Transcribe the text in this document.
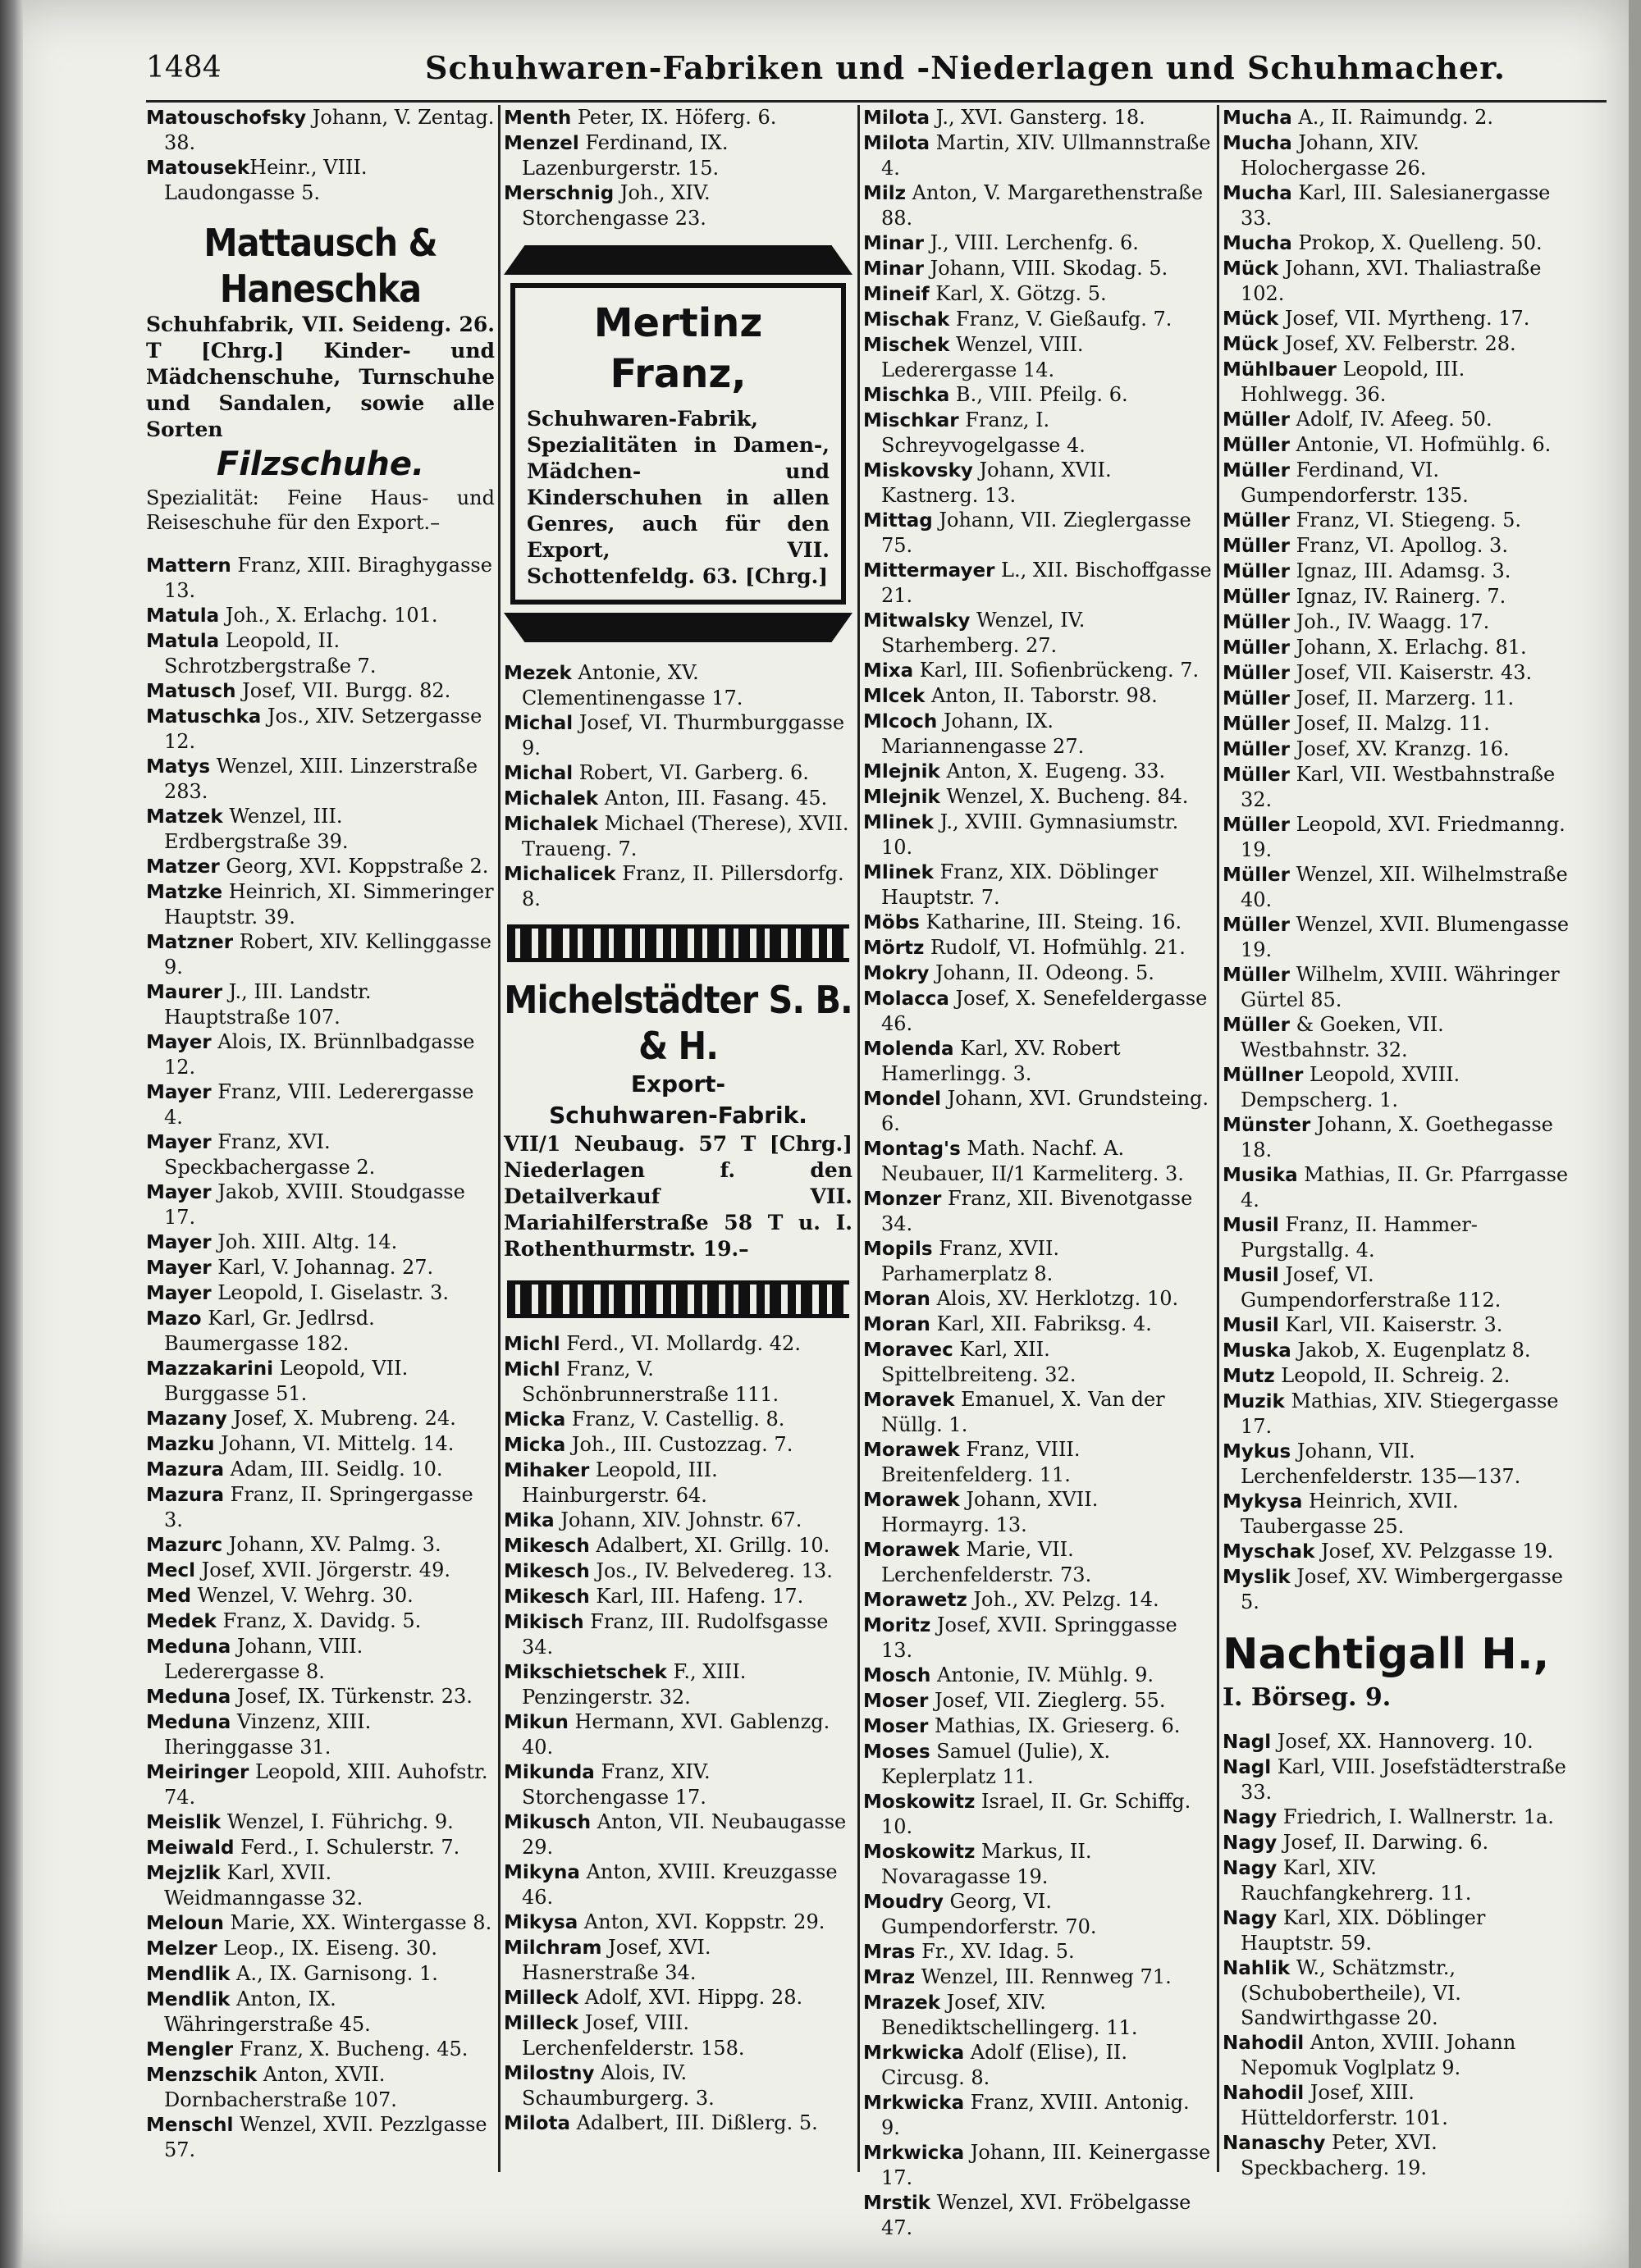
1484	Schuhwaren-Fabriken und -Niederlagen und Schuhmacher.

Matouschofsky Johann, V. Zentag. 38.

MatousekHeinr., VIII. Laudongasse 5.

Mattausch & Haneschka
Schuhfabrik, VII. Seideng. 26. T [Chrg.] Kinder- und Mädchenschuhe, Turnschuhe und Sandalen, sowie alle Sorten
Filzschuhe.
Spezialität: Feine Haus- und Reiseschuhe für den Export.–

Mattern Franz, XIII. Biraghygasse 13.

Matula Joh., X. Erlachg. 101.

Matula Leopold, II. Schrotzbergstraße 7.

Matusch Josef, VII. Burgg. 82.

Matuschka Jos., XIV. Setzergasse 12.

Matys Wenzel, XIII. Linzerstraße 283.

Matzek Wenzel, III. Erdbergstraße 39.

Matzer Georg, XVI. Koppstraße 2.

Matzke Heinrich, XI. Simmeringer Hauptstr. 39.

Matzner Robert, XIV. Kellinggasse 9.

Maurer J., III. Landstr. Hauptstraße 107.

Mayer Alois, IX. Brünnlbadgasse 12.

Mayer Franz, VIII. Lederergasse 4.

Mayer Franz, XVI. Speckbachergasse 2.

Mayer Jakob, XVIII. Stoudgasse 17.

Mayer Joh. XIII. Altg. 14.

Mayer Karl, V. Johannag. 27.

Mayer Leopold, I. Giselastr. 3.

Mazo Karl, Gr. Jedlrsd. Baumergasse 182.

Mazzakarini Leopold, VII. Burggasse 51.

Mazany Josef, X. Mubreng. 24.

Mazku Johann, VI. Mittelg. 14.

Mazura Adam, III. Seidlg. 10.

Mazura Franz, II. Springergasse 3.

Mazurc Johann, XV. Palmg. 3.

Mecl Josef, XVII. Jörgerstr. 49.

Med Wenzel, V. Wehrg. 30.

Medek Franz, X. Davidg. 5.

Meduna Johann, VIII. Lederergasse 8.

Meduna Josef, IX. Türkenstr. 23.

Meduna Vinzenz, XIII. Iheringgasse 31.

Meiringer Leopold, XIII. Auhofstr. 74.

Meislik Wenzel, I. Führichg. 9.

Meiwald Ferd., I. Schulerstr. 7.

Mejzlik Karl, XVII. Weidmanngasse 32.

Meloun Marie, XX. Wintergasse 8.

Melzer Leop., IX. Eiseng. 30.

Mendlik A., IX. Garnisong. 1.

Mendlik Anton, IX. Währingerstraße 45.

Mengler Franz, X. Bucheng. 45.

Menzschik Anton, XVII. Dornbacherstraße 107.

Menschl Wenzel, XVII. Pezzlgasse 57.

Menth Peter, IX. Höferg. 6.

Menzel Ferdinand, IX. Lazenburgerstr. 15.

Merschnig Joh., XIV. Storchengasse 23.

Mertinz Franz,
Schuhwaren-Fabrik, Spezialitäten in Damen-, Mädchen- und Kinderschuhen in allen Genres, auch für den Export, VII. Schottenfeldg. 63. [Chrg.]

Mezek Antonie, XV. Clementinengasse 17.

Michal Josef, VI. Thurmburggasse 9.

Michal Robert, VI. Garberg. 6.

Michalek Anton, III. Fasang. 45.

Michalek Michael (Therese), XVII. Traueng. 7.

Michalicek Franz, II. Pillersdorfg. 8.

Michelstädter S. B. & H.
Export-
Schuhwaren-Fabrik.
VII/1 Neubaug. 57 T [Chrg.] Niederlagen f. den Detailverkauf VII. Mariahilferstraße 58 T u. I. Rothenthurmstr. 19.–

Michl Ferd., VI. Mollardg. 42.

Michl Franz, V. Schönbrunnerstraße 111.

Micka Franz, V. Castellig. 8.

Micka Joh., III. Custozzag. 7.

Mihaker Leopold, III. Hainburgerstr. 64.

Mika Johann, XIV. Johnstr. 67.

Mikesch Adalbert, XI. Grillg. 10.

Mikesch Jos., IV. Belvedereg. 13.

Mikesch Karl, III. Hafeng. 17.

Mikisch Franz, III. Rudolfsgasse 34.

Mikschietschek F., XIII. Penzingerstr. 32.

Mikun Hermann, XVI. Gablenzg. 40.

Mikunda Franz, XIV. Storchengasse 17.

Mikusch Anton, VII. Neubaugasse 29.

Mikyna Anton, XVIII. Kreuzgasse 46.

Mikysa Anton, XVI. Koppstr. 29.

Milchram Josef, XVI. Hasnerstraße 34.

Milleck Adolf, XVI. Hippg. 28.

Milleck Josef, VIII. Lerchenfelderstr. 158.

Milostny Alois, IV. Schaumburgerg. 3.

Milota Adalbert, III. Dißlerg. 5.

Milota J., XVI. Gansterg. 18.

Milota Martin, XIV. Ullmannstraße 4.

Milz Anton, V. Margarethenstraße 88.

Minar J., VIII. Lerchenfg. 6.

Minar Johann, VIII. Skodag. 5.

Mineif Karl, X. Götzg. 5.

Mischak Franz, V. Gießaufg. 7.

Mischek Wenzel, VIII. Lederergasse 14.

Mischka B., VIII. Pfeilg. 6.

Mischkar Franz, I. Schreyvogelgasse 4.

Miskovsky Johann, XVII. Kastnerg. 13.

Mittag Johann, VII. Zieglergasse 75.

Mittermayer L., XII. Bischoffgasse 21.

Mitwalsky Wenzel, IV. Starhemberg. 27.

Mixa Karl, III. Sofienbrückeng. 7.

Mlcek Anton, II. Taborstr. 98.

Mlcoch Johann, IX. Mariannengasse 27.

Mlejnik Anton, X. Eugeng. 33.

Mlejnik Wenzel, X. Bucheng. 84.

Mlinek J., XVIII. Gymnasiumstr. 10.

Mlinek Franz, XIX. Döblinger Hauptstr. 7.

Möbs Katharine, III. Steing. 16.

Mörtz Rudolf, VI. Hofmühlg. 21.

Mokry Johann, II. Odeong. 5.

Molacca Josef, X. Senefeldergasse 46.

Molenda Karl, XV. Robert Hamerlingg. 3.

Mondel Johann, XVI. Grundsteing. 6.

Montag's Math. Nachf. A. Neubauer, II/1 Karmeliterg. 3.

Monzer Franz, XII. Bivenotgasse 34.

Mopils Franz, XVII. Parhamerplatz 8.

Moran Alois, XV. Herklotzg. 10.

Moran Karl, XII. Fabriksg. 4.

Moravec Karl, XII. Spittelbreiteng. 32.

Moravek Emanuel, X. Van der Nüllg. 1.

Morawek Franz, VIII. Breitenfelderg. 11.

Morawek Johann, XVII. Hormayrg. 13.

Morawek Marie, VII. Lerchenfelderstr. 73.

Morawetz Joh., XV. Pelzg. 14.

Moritz Josef, XVII. Springgasse 13.

Mosch Antonie, IV. Mühlg. 9.

Moser Josef, VII. Zieglerg. 55.

Moser Mathias, IX. Grieserg. 6.

Moses Samuel (Julie), X. Keplerplatz 11.

Moskowitz Israel, II. Gr. Schiffg. 10.

Moskowitz Markus, II. Novaragasse 19.

Moudry Georg, VI. Gumpendorferstr. 70.

Mras Fr., XV. Idag. 5.

Mraz Wenzel, III. Rennweg 71.

Mrazek Josef, XIV. Benediktschellingerg. 11.

Mrkwicka Adolf (Elise), II. Circusg. 8.

Mrkwicka Franz, XVIII. Antonig. 9.

Mrkwicka Johann, III. Keinergasse 17.

Mrstik Wenzel, XVI. Fröbelgasse 47.

Mucha A., II. Raimundg. 2.

Mucha Johann, XIV. Holochergasse 26.

Mucha Karl, III. Salesianergasse 33.

Mucha Prokop, X. Quelleng. 50.

Mück Johann, XVI. Thaliastraße 102.

Mück Josef, VII. Myrtheng. 17.

Mück Josef, XV. Felberstr. 28.

Mühlbauer Leopold, III. Hohlwegg. 36.

Müller Adolf, IV. Afeeg. 50.

Müller Antonie, VI. Hofmühlg. 6.

Müller Ferdinand, VI. Gumpendorferstr. 135.

Müller Franz, VI. Stiegeng. 5.

Müller Franz, VI. Apollog. 3.

Müller Ignaz, III. Adamsg. 3.

Müller Ignaz, IV. Rainerg. 7.

Müller Joh., IV. Waagg. 17.

Müller Johann, X. Erlachg. 81.

Müller Josef, VII. Kaiserstr. 43.

Müller Josef, II. Marzerg. 11.

Müller Josef, II. Malzg. 11.

Müller Josef, XV. Kranzg. 16.

Müller Karl, VII. Westbahnstraße 32.

Müller Leopold, XVI. Friedmanng. 19.

Müller Wenzel, XII. Wilhelmstraße 40.

Müller Wenzel, XVII. Blumengasse 19.

Müller Wilhelm, XVIII. Währinger Gürtel 85.

Müller & Goeken, VII. Westbahnstr. 32.

Müllner Leopold, XVIII. Dempscherg. 1.

Münster Johann, X. Goethegasse 18.

Musika Mathias, II. Gr. Pfarrgasse 4.

Musil Franz, II. Hammer-Purgstallg. 4.

Musil Josef, VI. Gumpendorferstraße 112.

Musil Karl, VII. Kaiserstr. 3.

Muska Jakob, X. Eugenplatz 8.

Mutz Leopold, II. Schreig. 2.

Muzik Mathias, XIV. Stiegergasse 17.

Mykus Johann, VII. Lerchenfelderstr. 135—137.

Mykysa Heinrich, XVII. Taubergasse 25.

Myschak Josef, XV. Pelzgasse 19.

Myslik Josef, XV. Wimbergergasse 5.

Nachtigall H.,
I. Börseg. 9.

Nagl Josef, XX. Hannoverg. 10.

Nagl Karl, VIII. Josefstädterstraße 33.

Nagy Friedrich, I. Wallnerstr. 1a.

Nagy Josef, II. Darwing. 6.

Nagy Karl, XIV. Rauchfangkehrerg. 11.

Nagy Karl, XIX. Döblinger Hauptstr. 59.

Nahlik W., Schätzmstr., (Schubobertheile), VI. Sandwirthgasse 20.

Nahodil Anton, XVIII. Johann Nepomuk Voglplatz 9.

Nahodil Josef, XIII. Hütteldorferstr. 101.

Nanaschy Peter, XVI. Speckbacherg. 19.
